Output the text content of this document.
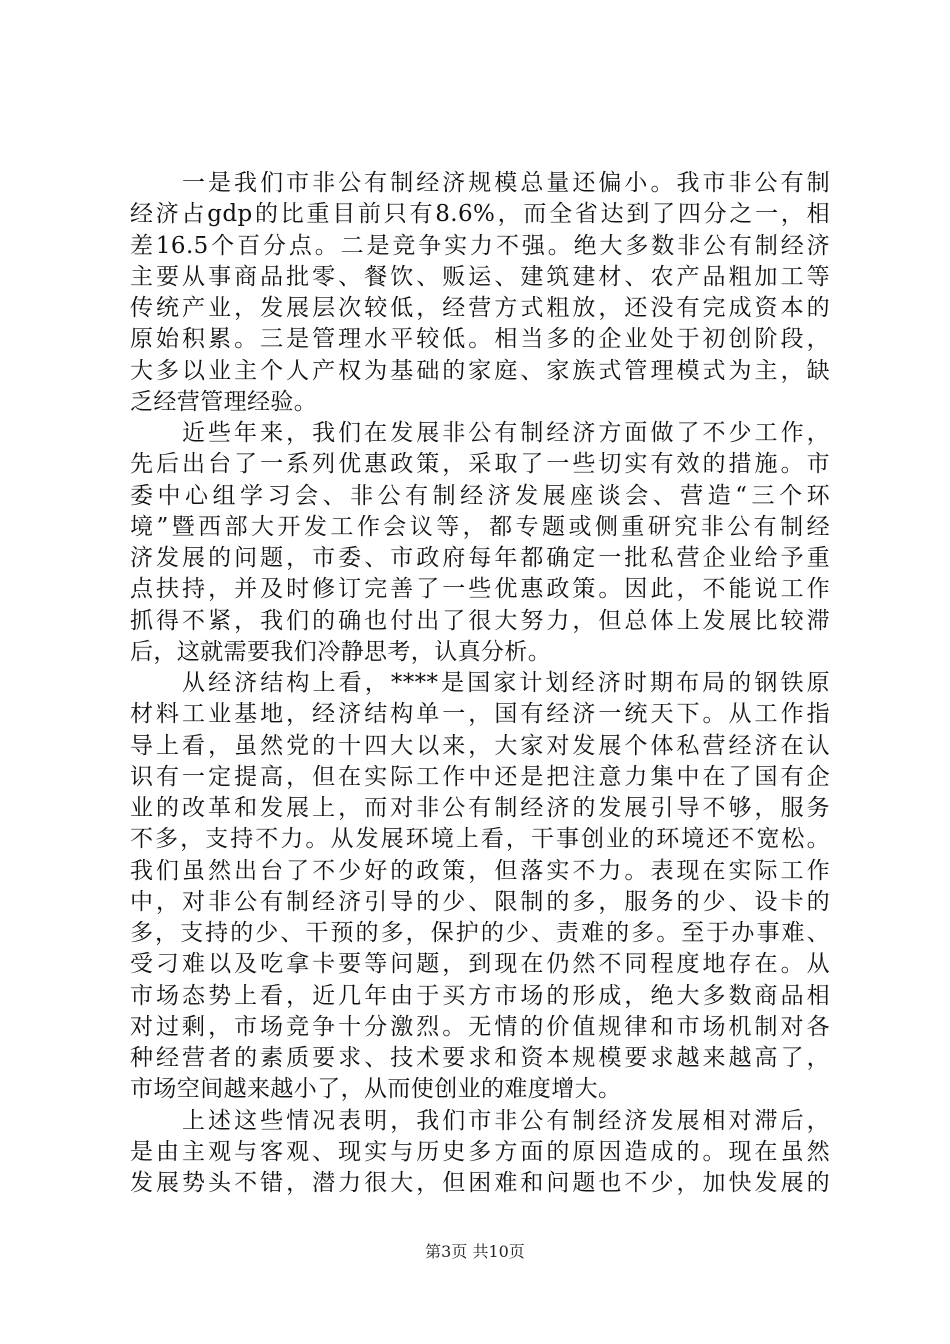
一是我们市非公有制经济规模总量还偏小。我市非公有制
经济占gdp的比重目前只有8.6%，而全省达到了四分之一，相
差16.5个百分点。二是竞争实力不强。绝大多数非公有制经济
主要从事商品批零、餐饮、贩运、建筑建材、农产品粗加工等
传统产业，发展层次较低，经营方式粗放，还没有完成资本的
原始积累。三是管理水平较低。相当多的企业处于初创阶段，
大多以业主个人产权为基础的家庭、家族式管理模式为主，缺
乏经营管理经验。
近些年来，我们在发展非公有制经济方面做了不少工作，
先后出台了一系列优惠政策，采取了一些切实有效的措施。市
委中心组学习会、非公有制经济发展座谈会、营造“三个环
境”暨西部大开发工作会议等，都专题或侧重研究非公有制经
济发展的问题，市委、市政府每年都确定一批私营企业给予重
点扶持，并及时修订完善了一些优惠政策。因此，不能说工作
抓得不紧，我们的确也付出了很大努力，但总体上发展比较滞
后，这就需要我们冷静思考，认真分析。
从经济结构上看，****是国家计划经济时期布局的钢铁原
材料工业基地，经济结构单一，国有经济一统天下。从工作指
导上看，虽然党的十四大以来，大家对发展个体私营经济在认
识有一定提高，但在实际工作中还是把注意力集中在了国有企
业的改革和发展上，而对非公有制经济的发展引导不够，服务
不多，支持不力。从发展环境上看，干事创业的环境还不宽松。
我们虽然出台了不少好的政策，但落实不力。表现在实际工作
中，对非公有制经济引导的少、限制的多，服务的少、设卡的
多，支持的少、干预的多，保护的少、责难的多。至于办事难、
受刁难以及吃拿卡要等问题，到现在仍然不同程度地存在。从
市场态势上看，近几年由于买方市场的形成，绝大多数商品相
对过剩，市场竞争十分激烈。无情的价值规律和市场机制对各
种经营者的素质要求、技术要求和资本规模要求越来越高了，
市场空间越来越小了，从而使创业的难度增大。
上述这些情况表明，我们市非公有制经济发展相对滞后，
是由主观与客观、现实与历史多方面的原因造成的。现在虽然
发展势头不错，潜力很大，但困难和问题也不少，加快发展的
第3页 共10页
